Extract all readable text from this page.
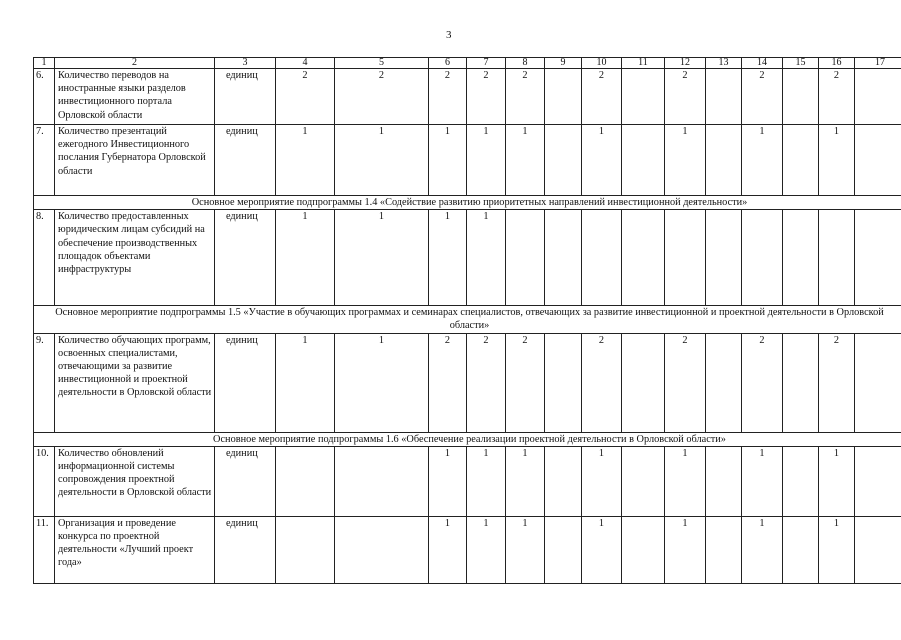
3
1	2	3	4	5	6	7	8	9	10	11	12	13	14	15	16	17
6.	Количество переводов на иностранные языки разделов инвестиционного портала Орловской области	единиц	2	2	2	2	2		2		2		2		2	
7.	Количество презентаций ежегодного Инвестиционного послания Губернатора Орловской области	единиц	1	1	1	1	1		1		1		1		1	
Основное мероприятие подпрограммы 1.4 «Содействие развитию приоритетных направлений инвестиционной деятельности»																
8.	Количество предоставленных юридическим лицам субсидий на обеспечение производственных площадок объектами инфраструктуры	единиц	1	1	1	1										
Основное мероприятие подпрограммы 1.5 «Участие в обучающих программах и семинарах специалистов, отвечающих за развитие инвестиционной и проектной деятельности в Орловской области»																
9.	Количество обучающих программ, освоенных специалистами, отвечающими за развитие инвестиционной и проектной деятельности в Орловской области	единиц	1	1	2	2	2		2		2		2		2	
Основное мероприятие подпрограммы 1.6 «Обеспечение реализации проектной деятельности в Орловской области»																
10.	Количество обновлений информационной системы сопровождения проектной деятельности в Орловской области	единиц			1	1	1		1		1		1		1	
11.	Организация и проведение конкурса по проектной деятельности «Лучший проект года»	единиц			1	1	1		1		1		1		1	
